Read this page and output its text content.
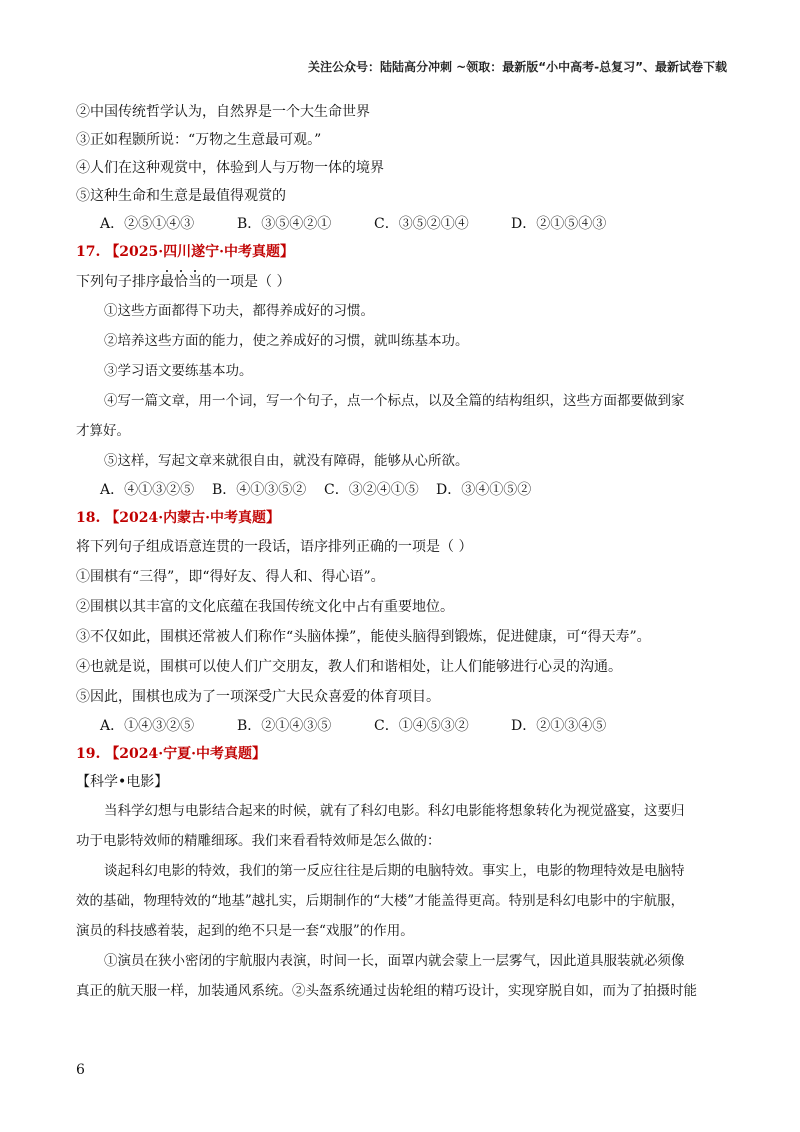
关注公众号：陆陆高分冲刺 ~领取：最新版“小中高考-总复习”、最新试卷下载
②中国传统哲学认为，自然界是一个大生命世界
③正如程颢所说：“万物之生意最可观。”
④人们在这种观赏中，体验到人与万物一体的境界
⑤这种生命和生意是最值得观赏的
A．②⑤①④③	B．③⑤④②①	C．③⑤②①④	D．②①⑤④③
17. 【2025·四川遂宁·中考真题】
下列句子排序最恰当的一项是（ ）
①这些方面都得下功夫，都得养成好的习惯。
②培养这些方面的能力，使之养成好的习惯，就叫练基本功。
③学习语文要练基本功。
④写一篇文章，用一个词，写一个句子，点一个标点，以及全篇的结构组织，这些方面都要做到家
才算好。
⑤这样，写起文章来就很自由，就没有障碍，能够从心所欲。
A．④①③②⑤ B．④①③⑤② C．③②④①⑤ D．③④①⑤②
18. 【2024·内蒙古·中考真题】
将下列句子组成语意连贯的一段话，语序排列正确的一项是（ ）
①围棋有“三得”，即“得好友、得人和、得心语”。
②围棋以其丰富的文化底蕴在我国传统文化中占有重要地位。
③不仅如此，围棋还常被人们称作“头脑体操”，能使头脑得到锻炼，促进健康，可“得天寿”。
④也就是说，围棋可以使人们广交朋友，教人们和谐相处，让人们能够进行心灵的沟通。
⑤因此，围棋也成为了一项深受广大民众喜爱的体育项目。
A．①④③②⑤	B．②①④③⑤	C．①④⑤③②	D．②①③④⑤
19. 【2024·宁夏·中考真题】
【科学•电影】
当科学幻想与电影结合起来的时候，就有了科幻电影。科幻电影能将想象转化为视觉盛宴，这要归
功于电影特效师的精雕细琢。我们来看看特效师是怎么做的：
谈起科幻电影的特效，我们的第一反应往往是后期的电脑特效。事实上，电影的物理特效是电脑特
效的基础，物理特效的“地基”越扎实，后期制作的“大楼”才能盖得更高。特别是科幻电影中的宇航服，
演员的科技感着装，起到的绝不只是一套“戏服”的作用。
①演员在狭小密闭的宇航服内表演，时间一长，面罩内就会蒙上一层雾气，因此道具服装就必须像
真正的航天服一样，加装通风系统。②头盔系统通过齿轮组的精巧设计，实现穿脱自如，而为了拍摄时能
6
